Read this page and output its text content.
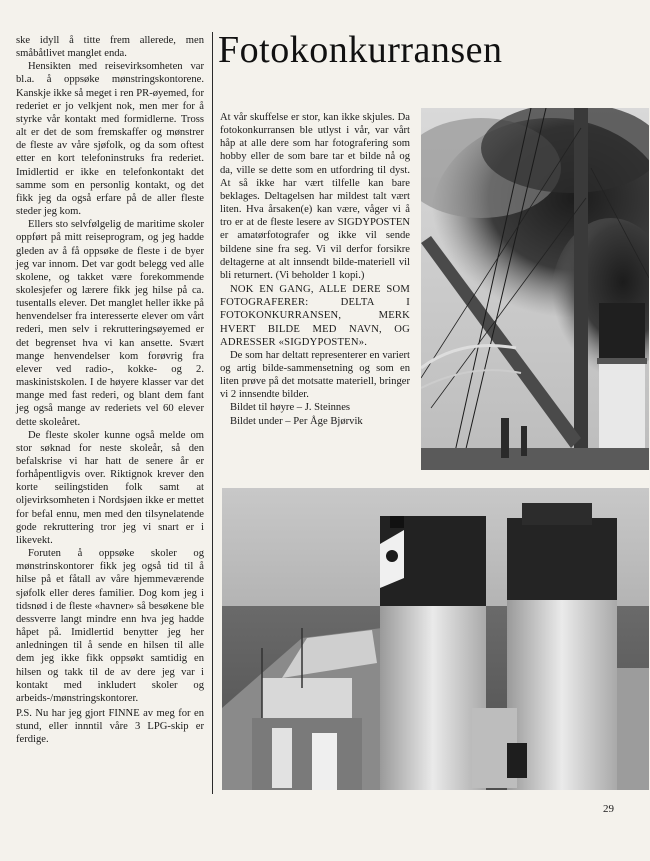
ske idyll å titte frem allerede, men småbåtlivet manglet enda.

Hensikten med reisevirksomheten var bl.a. å oppsøke mønstringskontorene. Kanskje ikke så meget i ren PR-øyemed, for rederiet er jo velkjent nok, men mer for å styrke vår kontakt med formidlerne. Tross alt er det de som fremskaffer og mønstrer de fleste av våre sjøfolk, og da som oftest etter en kort telefoninstruks fra rederiet. Imidlertid er ikke en telefonkontakt det samme som en personlig kontakt, og det fikk jeg da også erfare på de aller fleste steder jeg kom.

Ellers sto selvfølgelig de maritime skoler oppført på mitt reiseprogram, og jeg hadde gleden av å få oppsøke de fleste i de byer jeg var innom. Det var godt belegg ved alle skolene, og takket være forekommende skolesjefer og lærere fikk jeg hilse på ca. tusentalls elever. Det manglet heller ikke på henvendelser fra interesserte elever om vårt rederi, men selv i rekrutteringsøyemed er det begrenset hva vi kan ansette. Svært mange henvendelser kom forøvrig fra elever ved radio-, kokke- og 2. maskinistskolen. I de høyere klasser var det mange med fast rederi, og blant dem fant jeg også mange av rederiets vel 60 elever dette skoleåret.

De fleste skoler kunne også melde om stor søknad for neste skoleår, så den befalskrise vi har hatt de senere år er forhåpentligvis over. Riktignok krever den korte seilingstiden folk samt at oljevirksomheten i Nordsjøen ikke er mettet for befal ennu, men med den tilsynelatende gode rekruttering tror jeg vi snart er i likevekt.

Foruten å oppsøke skoler og mønstrinskontorer fikk jeg også tid til å hilse på et fåtall av våre hjemmeværende sjøfolk eller deres familier. Dog kom jeg i tidsnød i de fleste «havner» så besøkene ble dessverre langt mindre enn hva jeg hadde håpet på. Imidlertid benytter jeg her anledningen til å sende en hilsen til alle dem jeg ikke fikk oppsøkt samtidig en hilsen og takk til de av dere jeg var i kontakt med inkludert skoler og arbeids-/mønstringskontorer.

P.S. Nu har jeg gjort FINNE av meg for en stund, eller innntil våre 3 LPG-skip er ferdige.

Fotokonkurransen

At vår skuffelse er stor, kan ikke skjules. Da fotokonkurransen ble utlyst i vår, var vårt håp at alle dere som har fotografering som hobby eller de som bare tar et bilde nå og da, ville se dette som en utfordring til dyst. At så ikke har vært tilfelle kan bare beklages. Deltagelsen har mildest talt vært liten. Hva årsaken(e) kan være, våger vi å tro er at de fleste lesere av SIGDYPOSTEN er amatørfotografer og ikke vil sende bildene sine fra seg. Vi vil derfor forsikre deltagerne at alt innsendt bilde-materiell vil bli returnert. (Vi beholder 1 kopi.)

NOK EN GANG, ALLE DERE SOM FOTOGRAFERER: DELTA I FOTOKONKURRANSEN, MERK HVERT BILDE MED NAVN, OG ADRESSER «SIGDYPOSTEN».

De som har deltatt representerer en variert og artig bilde-sammensetning og som en liten prøve på det motsatte materiell, bringer vi 2 innsendte bilder.

Bildet til høyre – J. Steinnes

Bildet under – Per Åge Bjørvik

29
